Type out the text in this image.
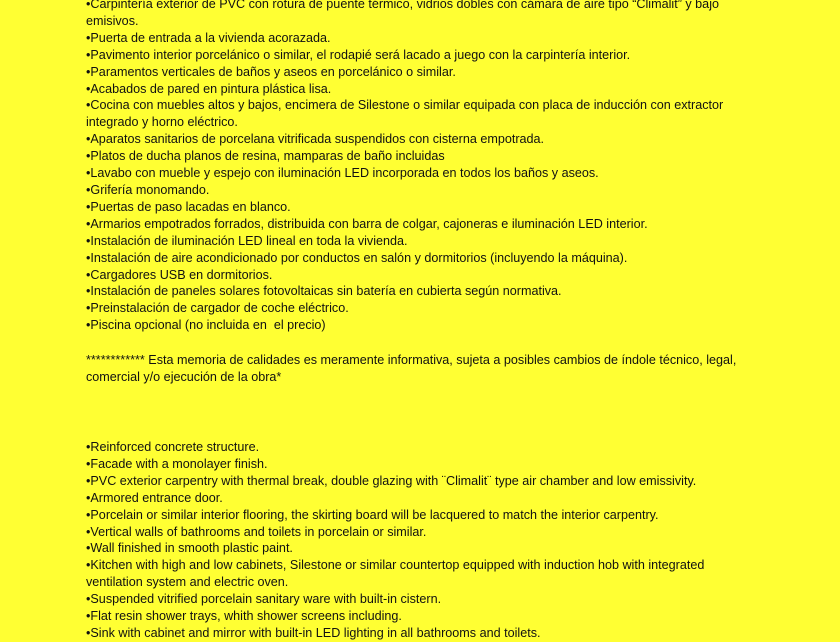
•Carpintería exterior de PVC con rotura de puente térmico, vidrios dobles con cámara de aire tipo “Climalit” y bajo

emisivos.

•Puerta de entrada a la vivienda acorazada.

•Pavimento interior porcelánico o similar, el rodapié será lacado a juego con la carpintería interior.

•Paramentos verticales de baños y aseos en porcelánico o similar.

•Acabados de pared en pintura plástica lisa.

•Cocina con muebles altos y bajos, encimera de Silestone o similar equipada con placa de inducción con extractor

integrado y horno eléctrico.

•Aparatos sanitarios de porcelana vitrificada suspendidos con cisterna empotrada.

•Platos de ducha planos de resina, mamparas de baño incluidas

•Lavabo con mueble y espejo con iluminación LED incorporada en todos los baños y aseos.

•Grifería monomando.

•Puertas de paso lacadas en blanco.

•Armarios empotrados forrados, distribuida con barra de colgar, cajoneras e iluminación LED interior.

•Instalación de iluminación LED lineal en toda la vivienda.

•Instalación de aire acondicionado por conductos en salón y dormitorios (incluyendo la máquina).

•Cargadores USB en dormitorios.

•Instalación de paneles solares fotovoltaicas sin batería en cubierta según normativa.

•Preinstalación de cargador de coche eléctrico.

•Piscina opcional (no incluida en  el precio)

************ Esta memoria de calidades es meramente informativa, sujeta a posibles cambios de índole técnico, legal,

comercial y/o ejecución de la obra*

•Reinforced concrete structure.

•Facade with a monolayer finish.

•PVC exterior carpentry with thermal break, double glazing with ¨Climalit¨ type air chamber and low emissivity.

•Armored entrance door.

•Porcelain or similar interior flooring, the skirting board will be lacquered to match the interior carpentry.

•Vertical walls of bathrooms and toilets in porcelain or similar.

•Wall finished in smooth plastic paint.

•Kitchen with high and low cabinets, Silestone or similar countertop equipped with induction hob with integrated

ventilation system and electric oven.

•Suspended vitrified porcelain sanitary ware with built-in cistern.

•Flat resin shower trays, whith shower screens including.

•Sink with cabinet and mirror with built-in LED lighting in all bathrooms and toilets.
